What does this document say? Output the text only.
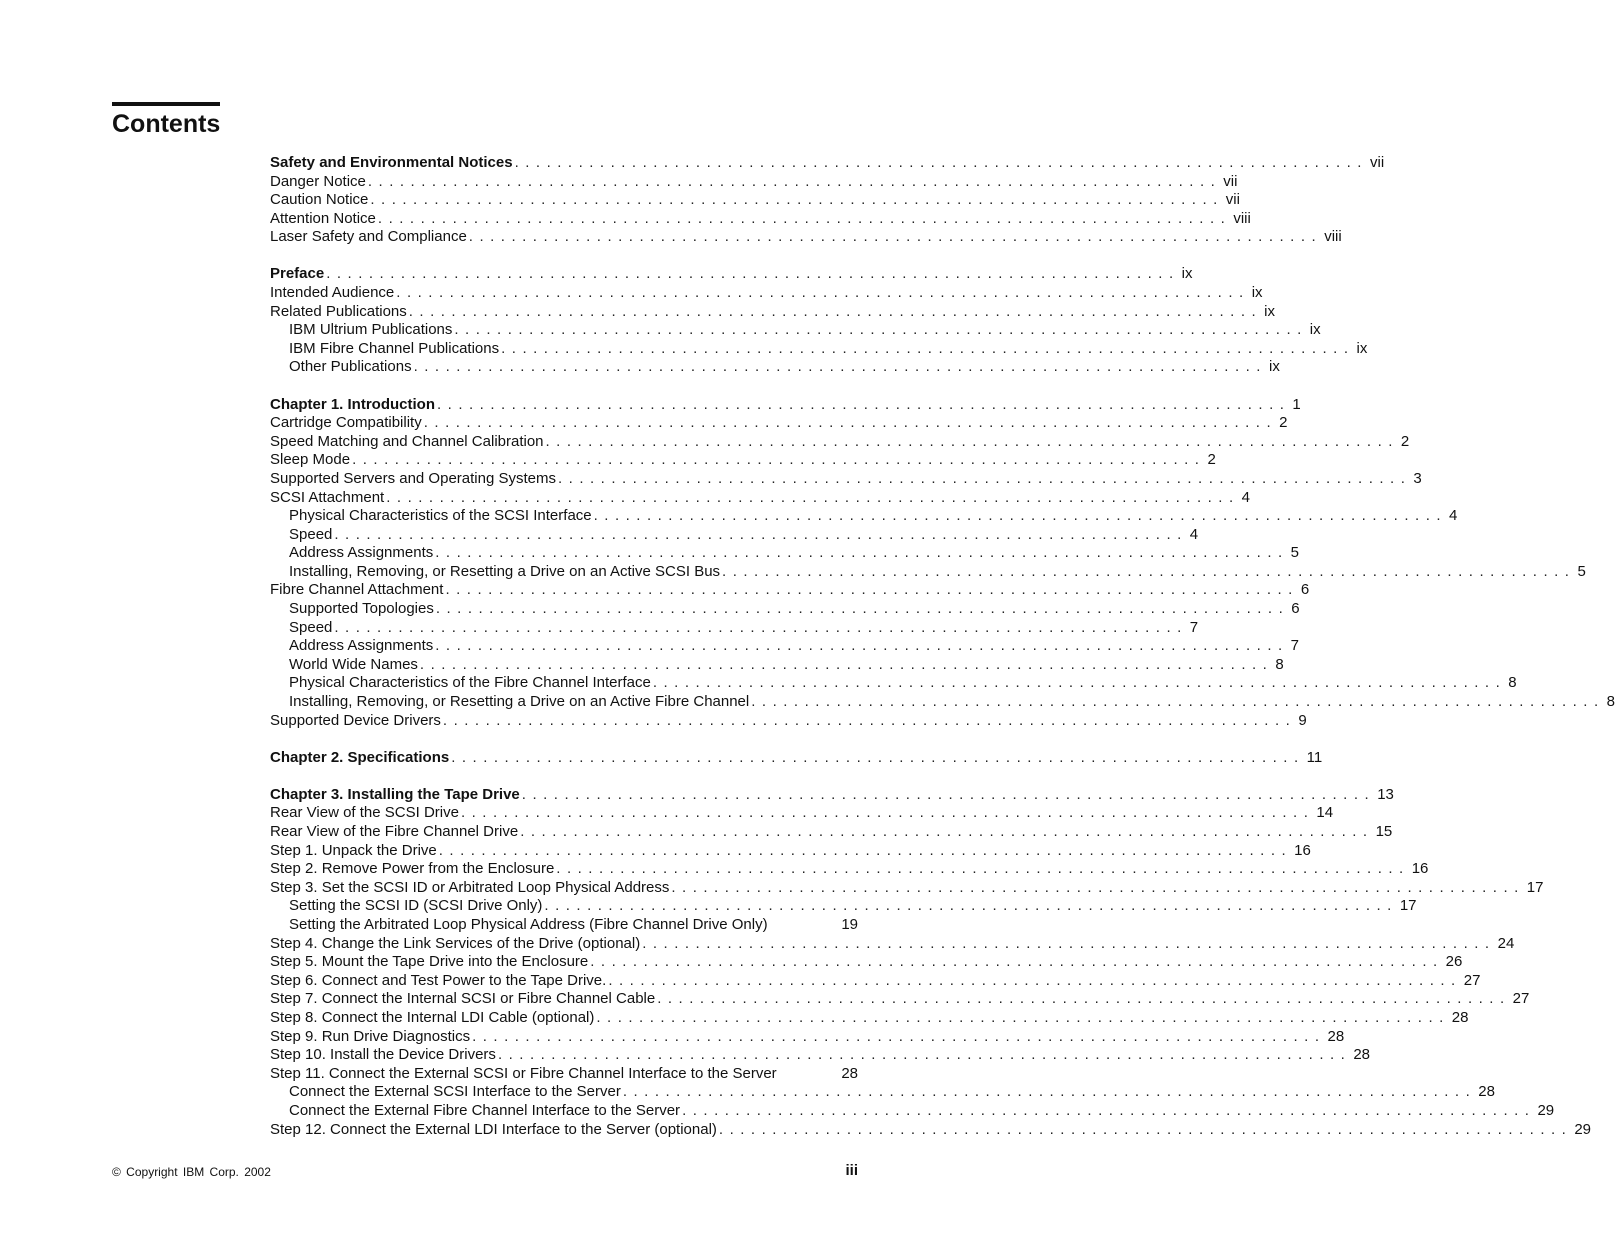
Contents
Safety and Environmental Notices ................................................................................ vii
Danger Notice ................................................................................ vii
Caution Notice ................................................................................ vii
Attention Notice ................................................................................ viii
Laser Safety and Compliance ................................................................................ viii
Preface ................................................................................ ix
Intended Audience ................................................................................ ix
Related Publications ................................................................................ ix
IBM Ultrium Publications ................................................................................ ix
IBM Fibre Channel Publications ................................................................................ ix
Other Publications ................................................................................ ix
Chapter 1. Introduction ................................................................................ 1
Cartridge Compatibility ................................................................................ 2
Speed Matching and Channel Calibration ................................................................................ 2
Sleep Mode ................................................................................ 2
Supported Servers and Operating Systems ................................................................................ 3
SCSI Attachment ................................................................................ 4
Physical Characteristics of the SCSI Interface ................................................................................ 4
Speed ................................................................................ 4
Address Assignments ................................................................................ 5
Installing, Removing, or Resetting a Drive on an Active SCSI Bus ................................................................................ 5
Fibre Channel Attachment ................................................................................ 6
Supported Topologies ................................................................................ 6
Speed ................................................................................ 7
Address Assignments ................................................................................ 7
World Wide Names ................................................................................ 8
Physical Characteristics of the Fibre Channel Interface ................................................................................ 8
Installing, Removing, or Resetting a Drive on an Active Fibre Channel ................................................................................ 8
Supported Device Drivers ................................................................................ 9
Chapter 2. Specifications ................................................................................ 11
Chapter 3. Installing the Tape Drive ................................................................................ 13
Rear View of the SCSI Drive ................................................................................ 14
Rear View of the Fibre Channel Drive ................................................................................ 15
Step 1. Unpack the Drive ................................................................................ 16
Step 2. Remove Power from the Enclosure ................................................................................ 16
Step 3. Set the SCSI ID or Arbitrated Loop Physical Address ................................................................................ 17
Setting the SCSI ID (SCSI Drive Only) ................................................................................ 17
Setting the Arbitrated Loop Physical Address (Fibre Channel Drive Only)	19
Step 4. Change the Link Services of the Drive (optional) ................................................................................ 24
Step 5. Mount the Tape Drive into the Enclosure ................................................................................ 26
Step 6. Connect and Test Power to the Tape Drive. ................................................................................ 27
Step 7. Connect the Internal SCSI or Fibre Channel Cable ................................................................................ 27
Step 8. Connect the Internal LDI Cable (optional) ................................................................................ 28
Step 9. Run Drive Diagnostics ................................................................................ 28
Step 10. Install the Device Drivers ................................................................................ 28
Step 11. Connect the External SCSI or Fibre Channel Interface to the Server	28
Connect the External SCSI Interface to the Server ................................................................................ 28
Connect the External Fibre Channel Interface to the Server ................................................................................ 29
Step 12. Connect the External LDI Interface to the Server (optional) ................................................................................ 29
© Copyright IBM Corp. 2002	iii
